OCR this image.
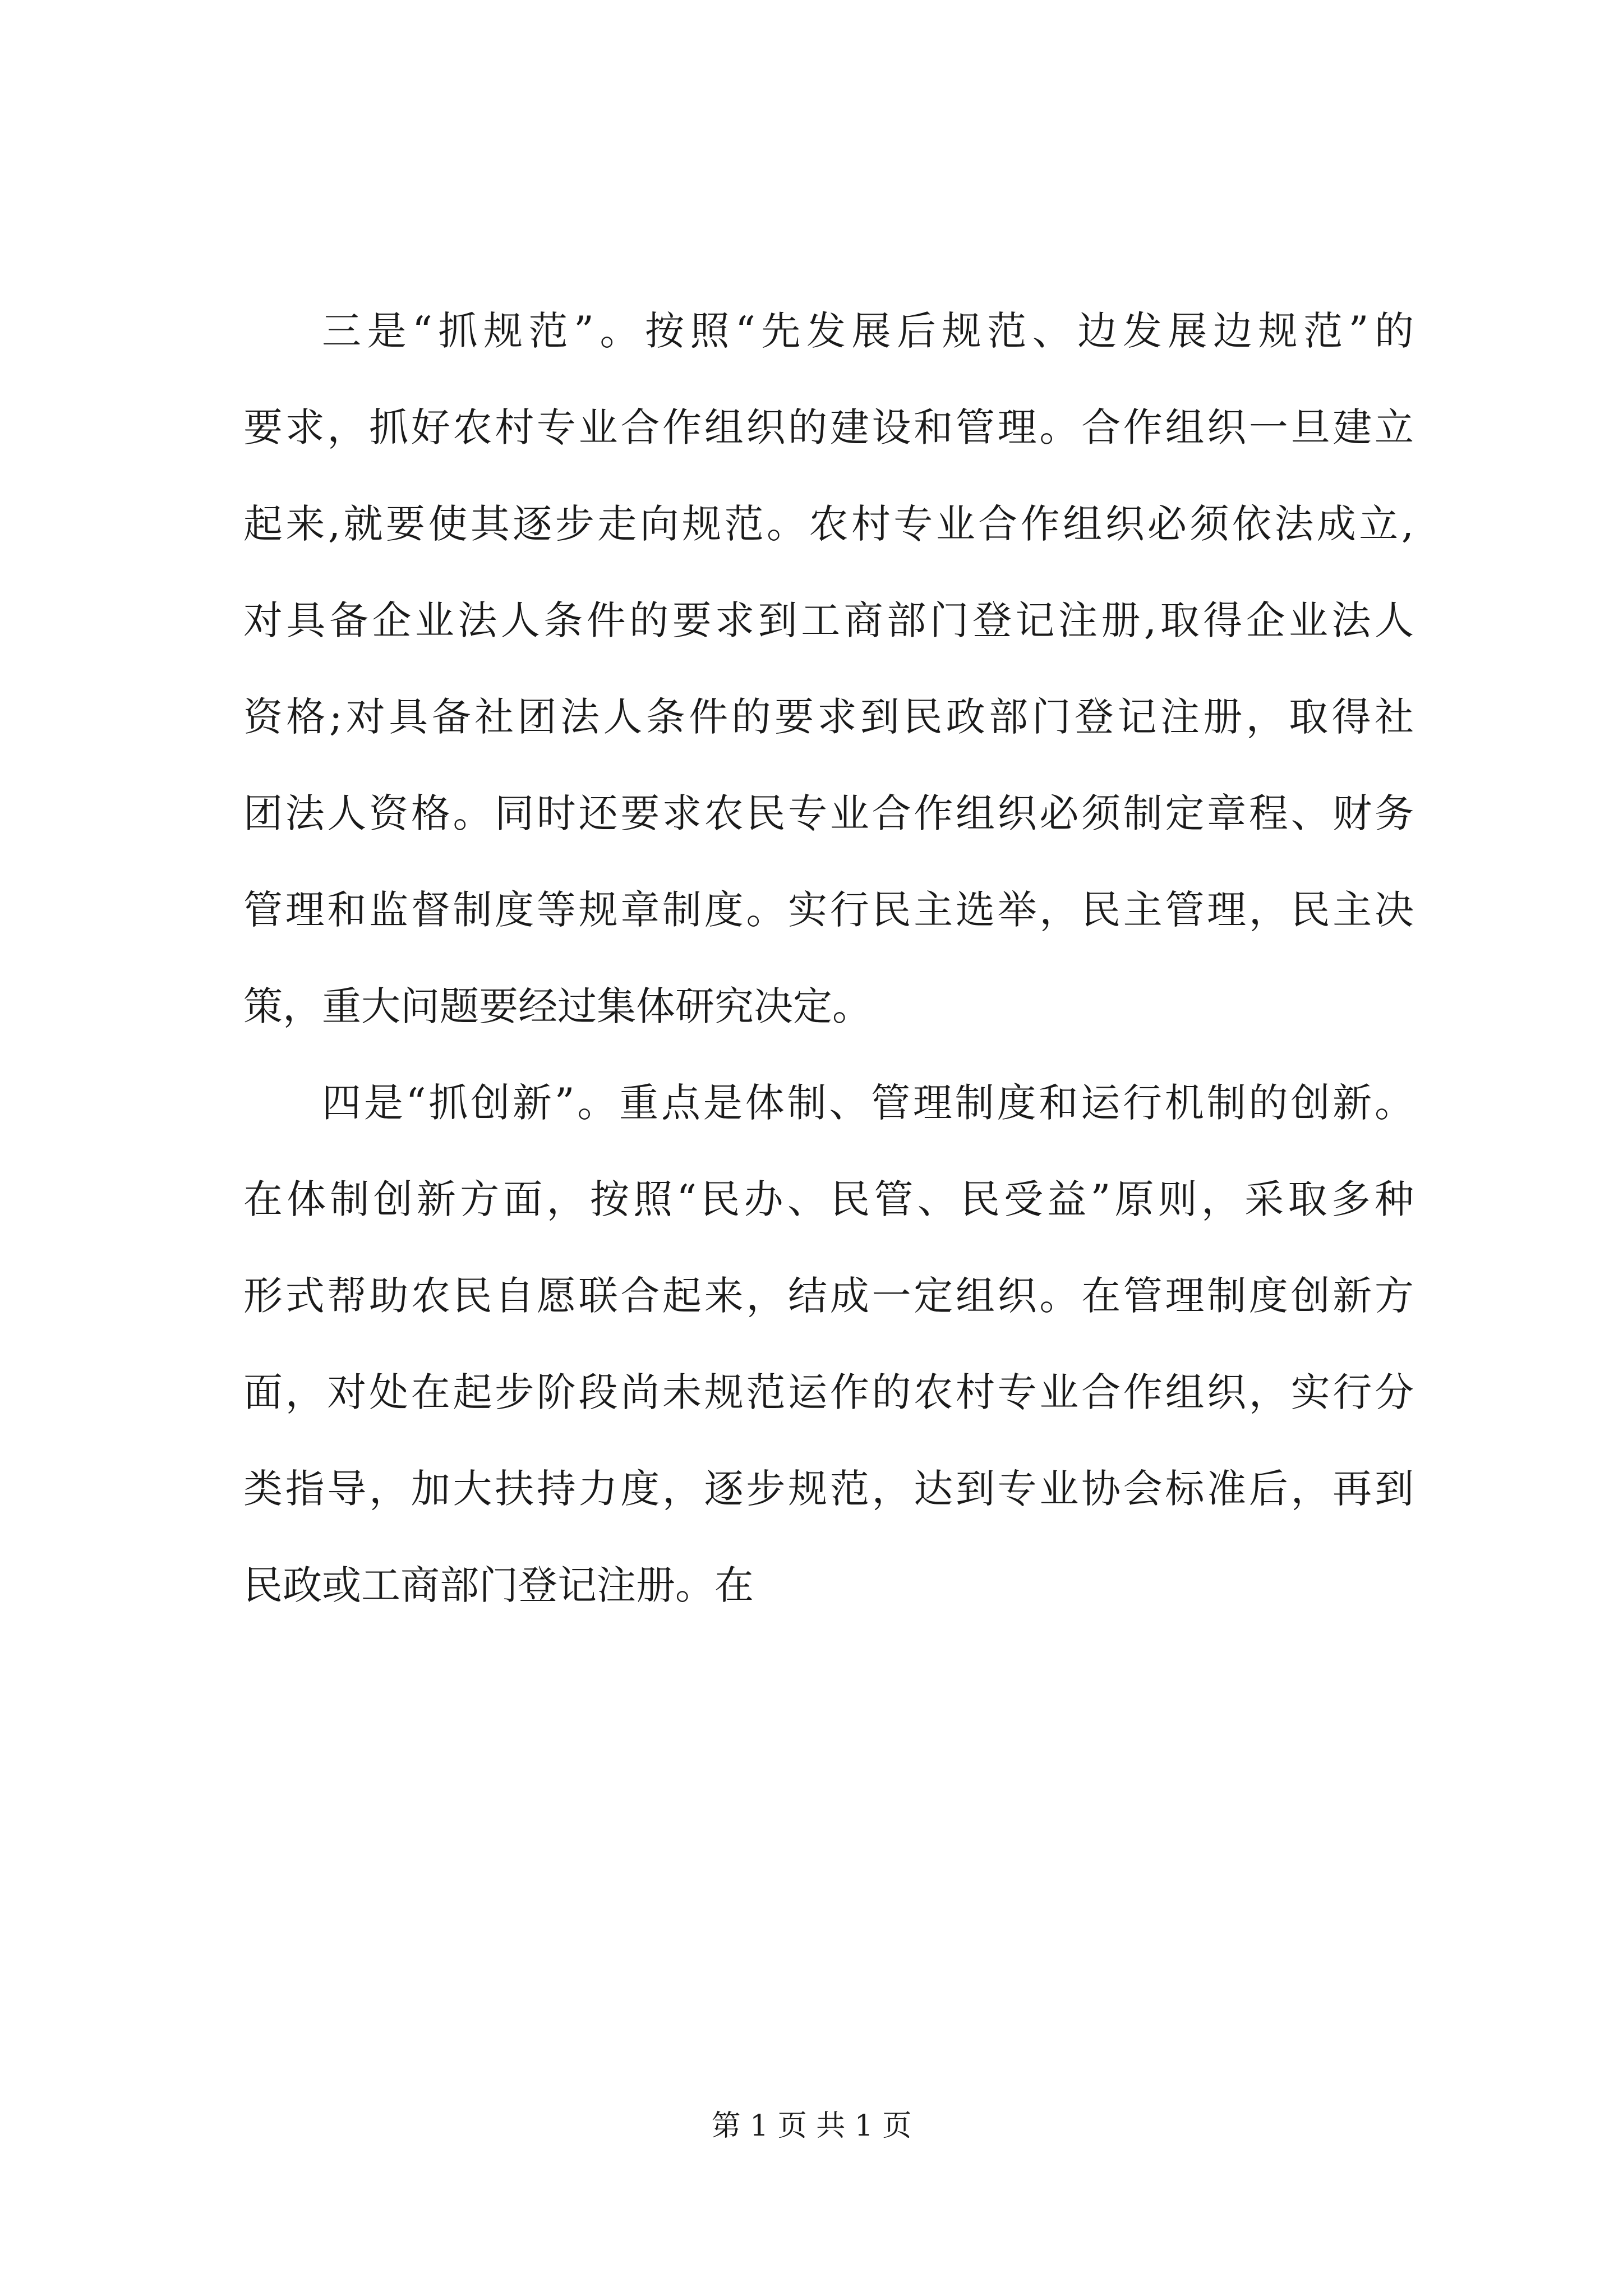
三是“抓规范”。按照“先发展后规范、边发展边规范”的
要求，抓好农村专业合作组织的建设和管理。合作组织一旦建立
起来,就要使其逐步走向规范。农村专业合作组织必须依法成立,
对具备企业法人条件的要求到工商部门登记注册,取得企业法人
资格;对具备社团法人条件的要求到民政部门登记注册，取得社
团法人资格。同时还要求农民专业合作组织必须制定章程、财务
管理和监督制度等规章制度。实行民主选举，民主管理，民主决
策，重大问题要经过集体研究决定。
四是“抓创新”。重点是体制、管理制度和运行机制的创新。
在体制创新方面，按照“民办、民管、民受益”原则，采取多种
形式帮助农民自愿联合起来，结成一定组织。在管理制度创新方
面，对处在起步阶段尚未规范运作的农村专业合作组织，实行分
类指导，加大扶持力度，逐步规范，达到专业协会标准后，再到
民政或工商部门登记注册。在
第 1 页 共 1 页
